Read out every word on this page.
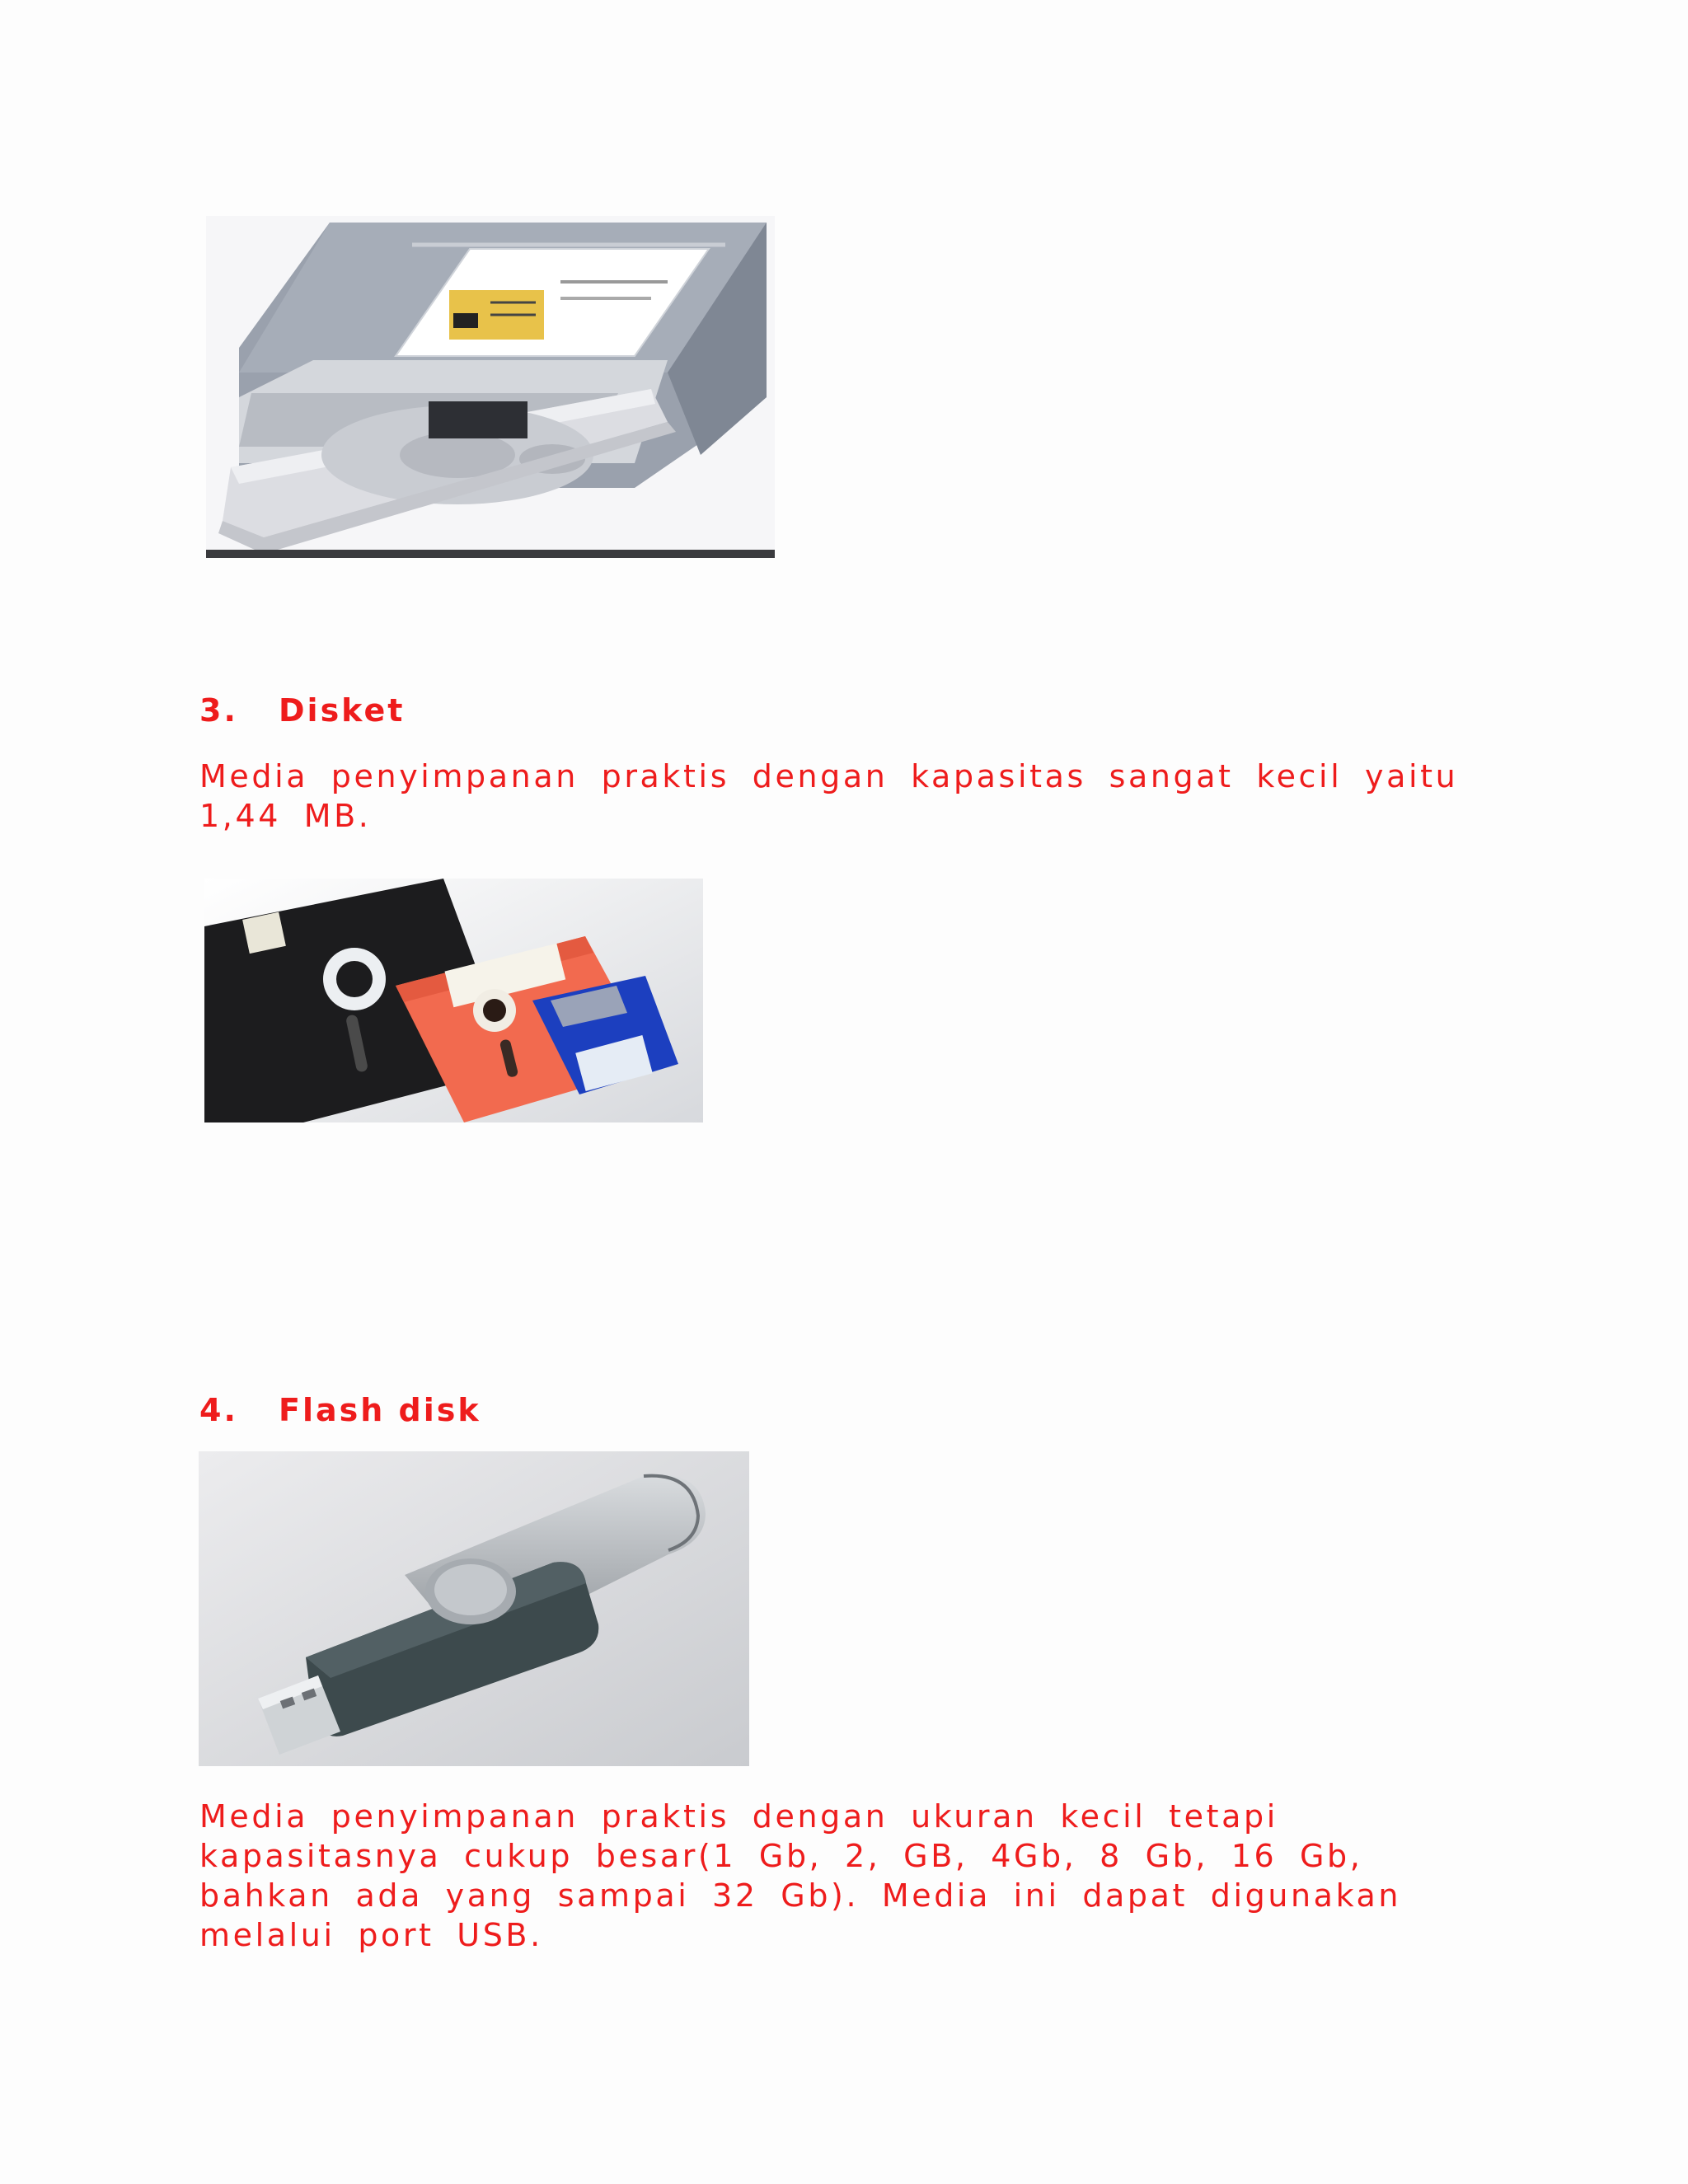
3. Disket

Media penyimpanan praktis dengan kapasitas sangat kecil yaitu 1,44 MB.

4. Flash disk

Media penyimpanan praktis dengan ukuran kecil tetapi kapasitasnya cukup besar(1 Gb, 2, GB, 4Gb, 8 Gb, 16 Gb, bahkan ada yang sampai 32 Gb). Media ini dapat digunakan melalui port USB.
